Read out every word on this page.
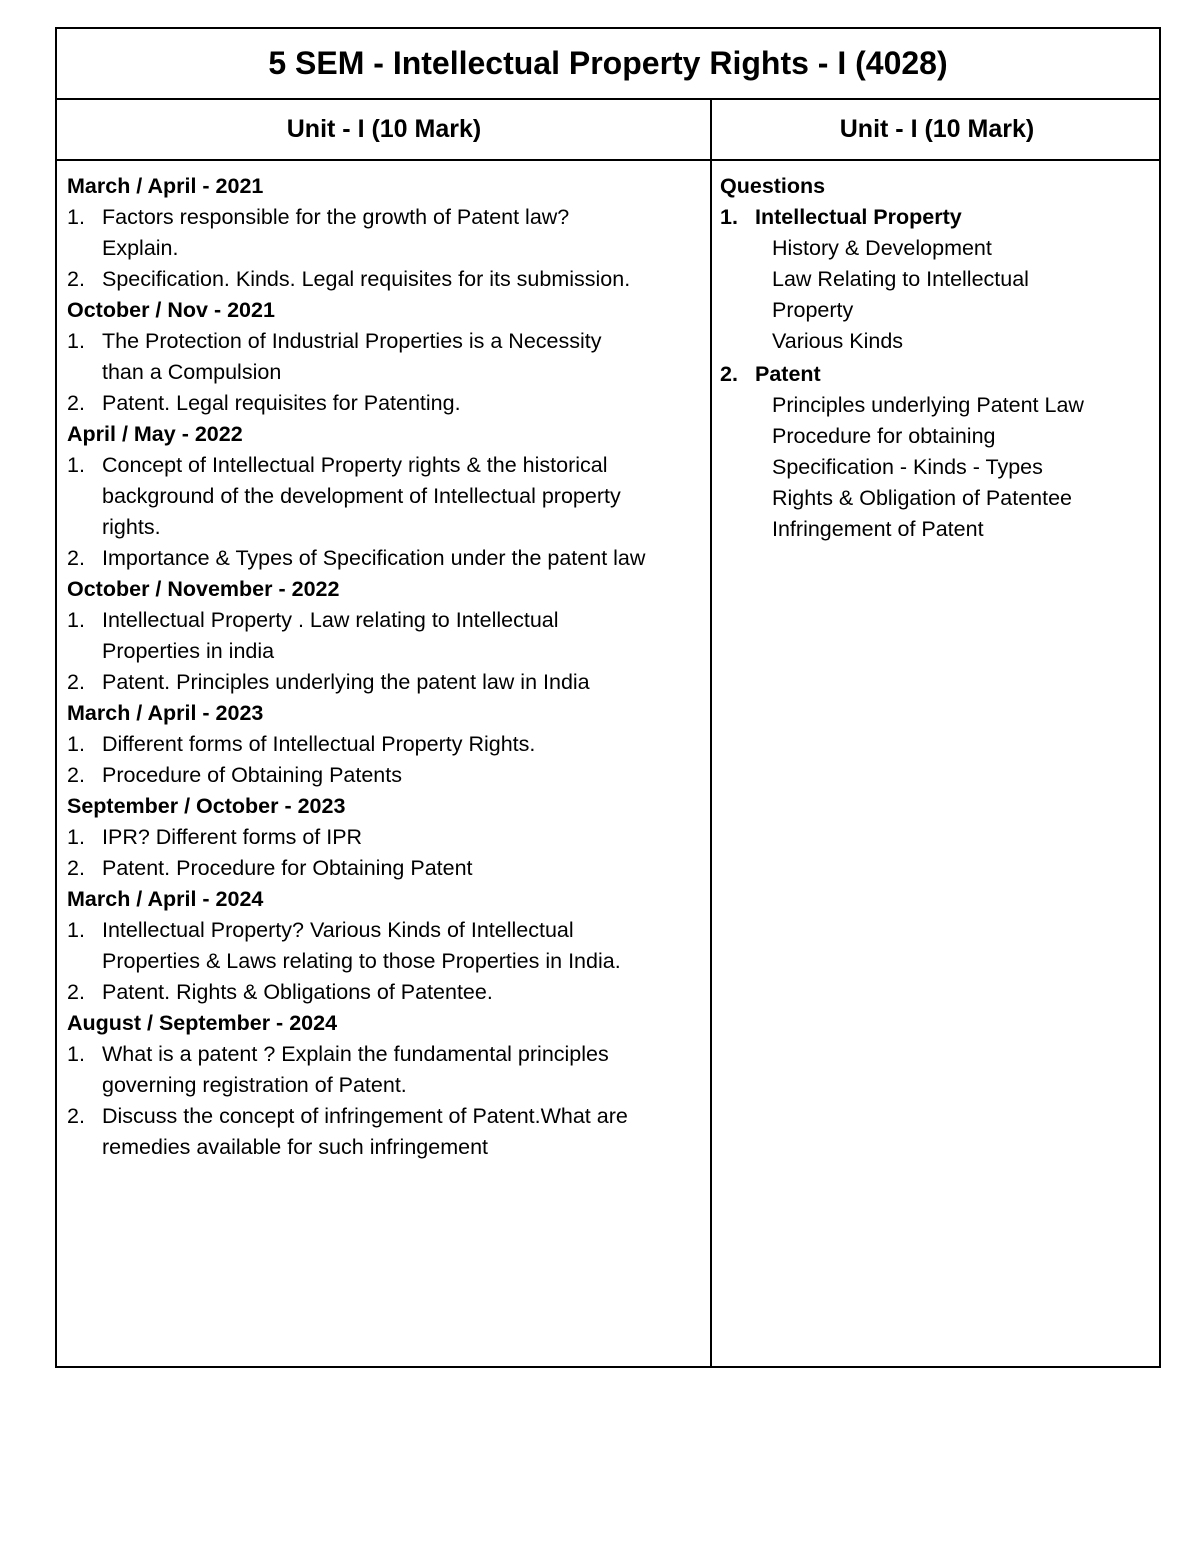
5 SEM - Intellectual Property Rights - I (4028)
Unit - I (10 Mark)	Unit - I (10 Mark)
March / April - 2021
1. Factors responsible for the growth of Patent law?
Explain.
2. Specification. Kinds. Legal requisites for its submission.
October / Nov - 2021
1. The Protection of Industrial Properties is a Necessity
than a Compulsion
2. Patent. Legal requisites for Patenting.
April / May - 2022
1. Concept of Intellectual Property rights & the historical
background of the development of Intellectual property
rights.
2. Importance & Types of Specification under the patent law
October / November - 2022
1. Intellectual Property . Law relating to Intellectual
Properties in india
2. Patent. Principles underlying the patent law in India
March / April - 2023
1. Different forms of Intellectual Property Rights.
2. Procedure of Obtaining Patents
September / October - 2023
1. IPR? Different forms of IPR
2. Patent. Procedure for Obtaining Patent
March / April - 2024
1. Intellectual Property? Various Kinds of Intellectual
Properties & Laws relating to those Properties in India.
2. Patent. Rights & Obligations of Patentee.
August / September - 2024
1. What is a patent ? Explain the fundamental principles
governing registration of Patent.
2. Discuss the concept of infringement of Patent.What are
remedies available for such infringement
Questions
1. Intellectual Property
History & Development
Law Relating to Intellectual
Property
Various Kinds
2. Patent
Principles underlying Patent Law
Procedure for obtaining
Specification - Kinds - Types
Rights & Obligation of Patentee
Infringement of Patent
